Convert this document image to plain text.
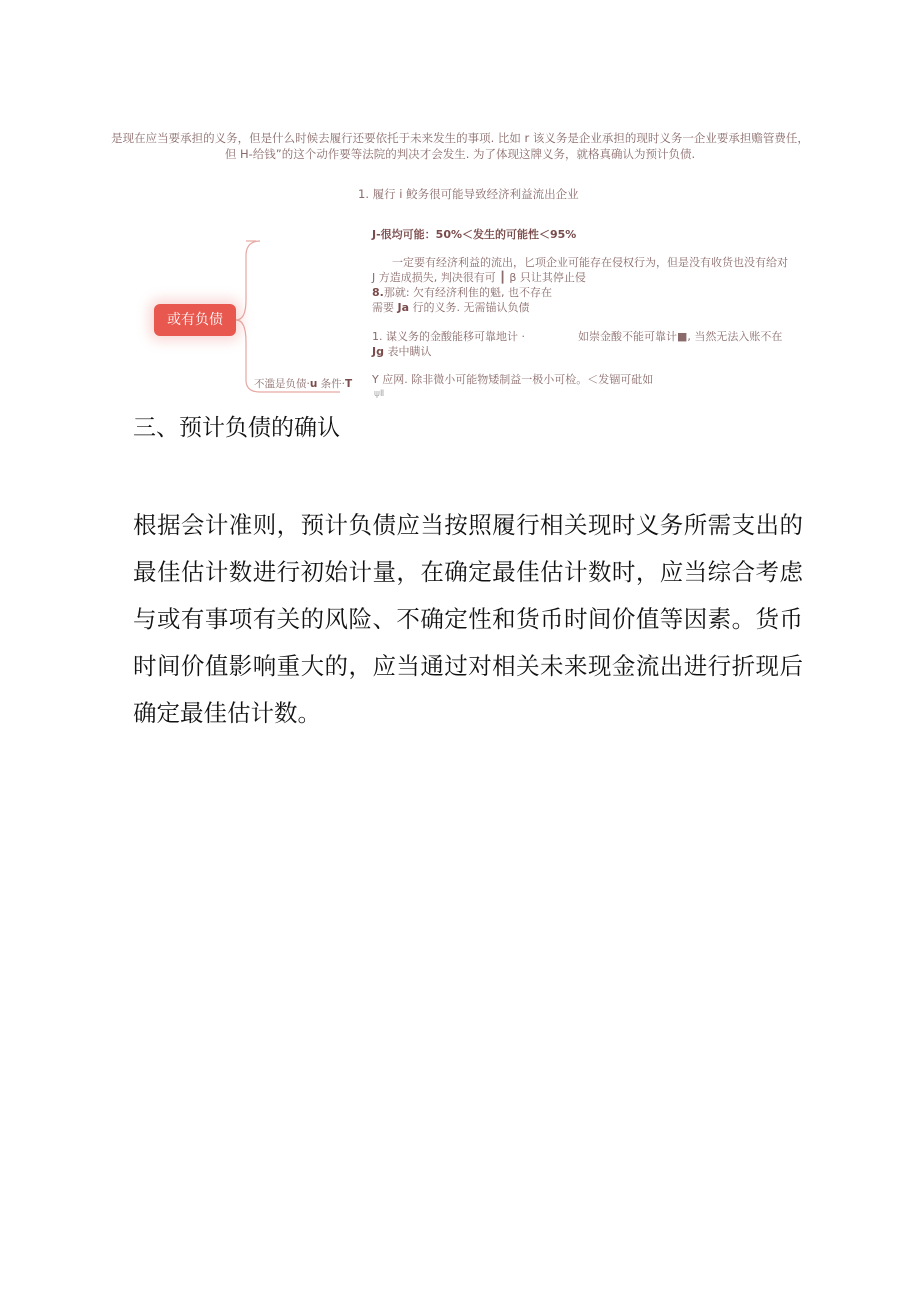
是现在应当要承担的义务，但是什么时候去履行还要依托于未来发生的事项. 比如 r 该义务是企业承担的现时义务一企业要承担赡管费任，
但 H-给钱”的这个动作要等法院的判决才会发生. 为了体现这牌义务，就格真确认为预计负债.
1. 履行 i 鲛务很可能导致经济利益流出企业
J-很均可能：50%＜发生的可能性＜95%
一定要有经济利益的流出，匕项企业可能存在侵权行为，但是没有收货也没有给对
J 方造成损失, 判决很有可 ┃ β 只让其停止侵
8.那就: 欠有经济利隹的魁, 也不存在
需要 Ja 行的义务. 无需锚认负债
1. 谋义务的金酸能移可靠地计 ·	如崇金酸不能可靠计■, 当然无法入账不在
Jg 表中瞒认
Y 应网. 除非微小可能物矮制益一极小可检。＜发锢可砒如
ψⅡ
不滥是负债·u 条件·T
或有负债
三、预计负债的确认

根据会计准则，预计负债应当按照履行相关现时义务所需支出的最佳估计数进行初始计量，在确定最佳估计数时，应当综合考虑与或有事项有关的风险、不确定性和货币时间价值等因素。货币时间价值影响重大的，应当通过对相关未来现金流出进行折现后确定最佳估计数。
